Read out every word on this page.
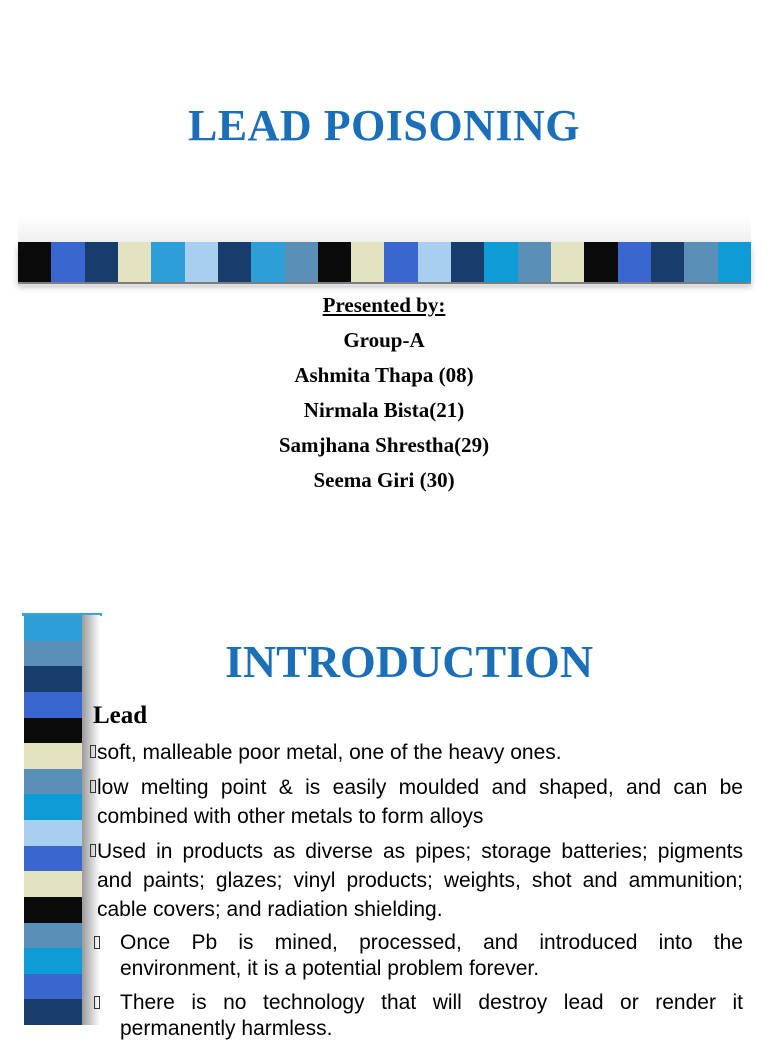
LEAD POISONING
Presented by:
Group-A
Ashmita Thapa (08)
Nirmala Bista(21)
Samjhana Shrestha(29)
Seema Giri (30)
INTRODUCTION
Lead
soft, malleable poor metal, one of the heavy ones.
low melting point & is easily moulded and shaped, and can be combined with other metals to form alloys
Used in products as diverse as pipes; storage batteries; pigments and paints; glazes; vinyl products; weights, shot and ammunition; cable covers; and radiation shielding.
Once Pb is mined, processed, and introduced into the environment, it is a potential problem forever.
There is no technology that will destroy lead or render it permanently harmless.
